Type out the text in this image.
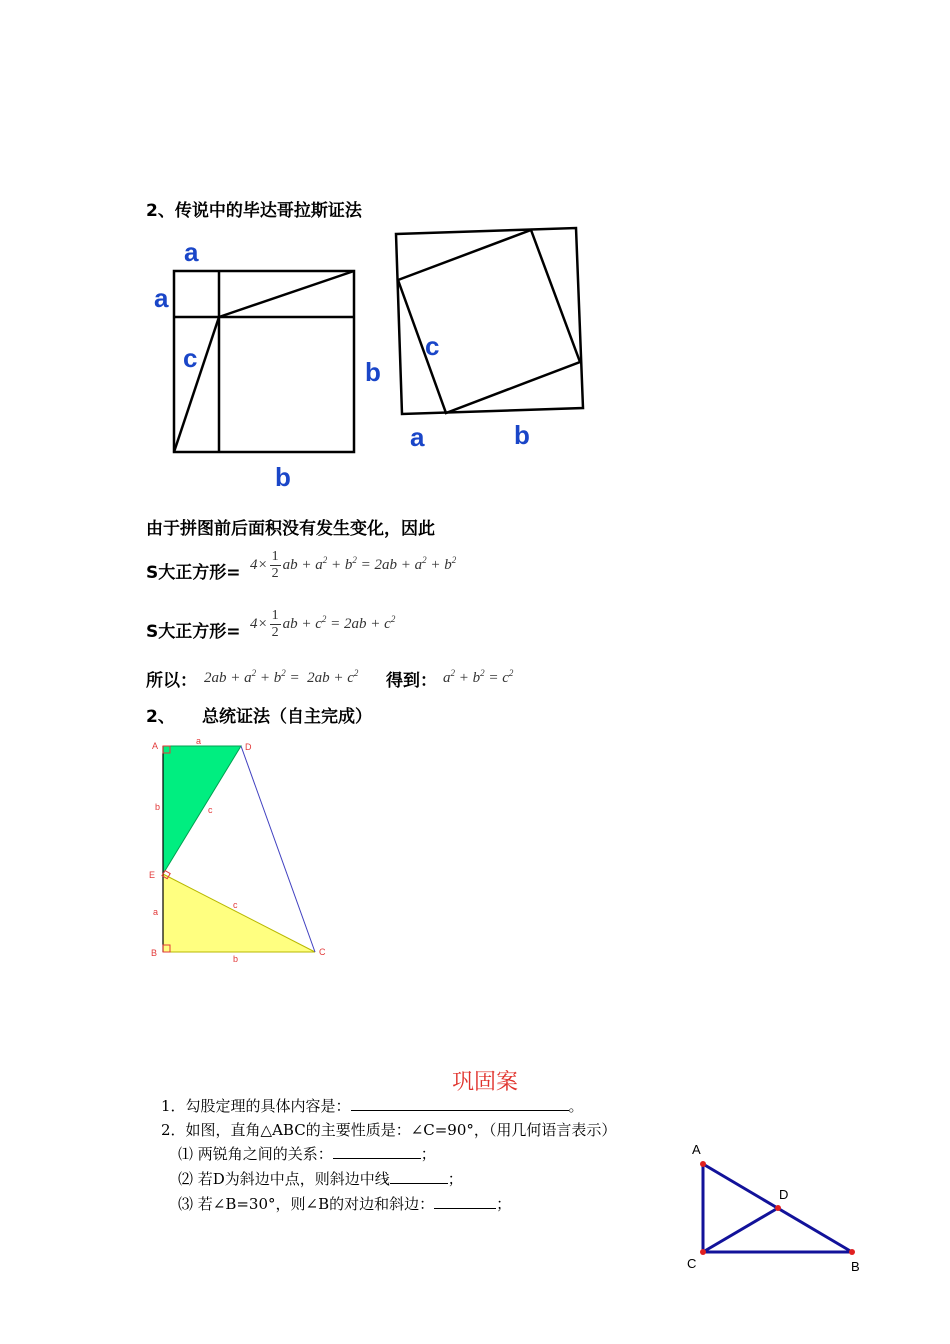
2、传说中的毕达哥拉斯证法
a
a
c	b
b
c
a	b
由于拼图前后面积没有发生变化，因此
S大正方形= $4\times \frac{1}{2}$ ab + $a^2 + b^2 = 2ab + a^2 + b^2$
S大正方形= $4\times \frac{1}{2}$ ab + $c^2 = 2ab + c^2$
所以： $2ab + a^2 + b^2 = 2ab + c^2$ 得到： $a^2 + b^2 = c^2$
2、 总统证法（自主完成）
A	D
E
B	C
a
b	c
a
c
b
巩固案
1．勾股定理的具体内容是：	。
2．如图，直角△ABC的主要性质是：∠C=90°，（用几何语言表示）
⑴ 两锐角之间的关系：	；
⑵ 若D为斜边中点，则斜边中线	；
⑶ 若∠B=30°，则∠B的对边和斜边：	；
A
D
C	B
